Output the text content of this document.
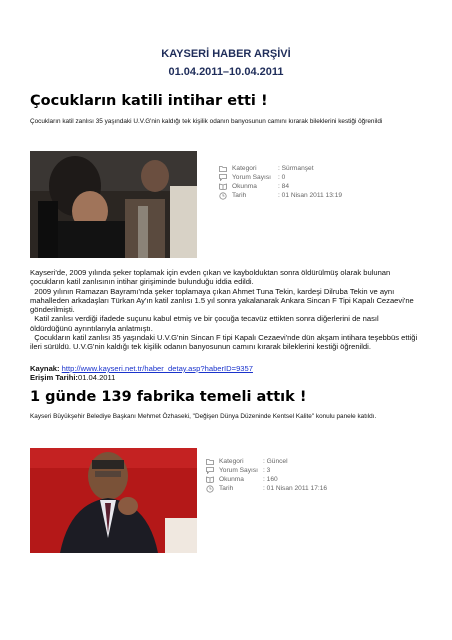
KAYSERİ HABER ARŞİVİ
01.04.2011–10.04.2011
Çocukların katili intihar etti !
Çocukların katil zanlısı 35 yaşındaki U.V.G'nin kaldığı tek kişilik odanın banyosunun camını kırarak bileklerini kestiği öğrenildi
Kategori	: Sürmanşet
Yorum Sayısı	: 0
Okunma	: 84
Tarih	: 01 Nisan 2011 13:19

Kayseri'de, 2009 yılında şeker toplamak için evden çıkan ve kaybolduktan sonra öldürülmüş olarak bulunan çocukların katil zanlısının intihar girişiminde bulunduğu iddia edildi.

2009 yılının Ramazan Bayramı'nda şeker toplamaya çıkan Ahmet Tuna Tekin, kardeşi Dilruba Tekin ve aynı mahalleden arkadaşları Türkan Ay'ın katil zanlısı 1.5 yıl sonra yakalanarak Ankara Sincan F Tipi Kapalı Cezaevi'ne gönderilmişti.

Katil zanlısı verdiği ifadede suçunu kabul etmiş ve bir çocuğa tecavüz ettikten sonra diğerlerini de nasıl öldürdüğünü ayrıntılarıyla anlatmıştı.

Çocukların katil zanlısı 35 yaşındaki U.V.G'nin Sincan F tipi Kapalı Cezaevi'nde dün akşam intihara teşebbüs ettiği ileri sürüldü. U.V.G'nin kaldığı tek kişilik odanın banyosunun camını kırarak bileklerini kestiği öğrenildi.

Kaynak: http://www.kayseri.net.tr/haber_detay.asp?haberID=9357
Erişim Tarihi:01.04.2011
1 günde 139 fabrika temeli attık !
Kayseri Büyükşehir Belediye Başkanı Mehmet Özhaseki, "Değişen Dünya Düzeninde Kentsel Kalite" konulu panele katıldı.
Kategori	: Güncel
Yorum Sayısı : 3
Okunma	: 160
Tarih	: 01 Nisan 2011 17:16
